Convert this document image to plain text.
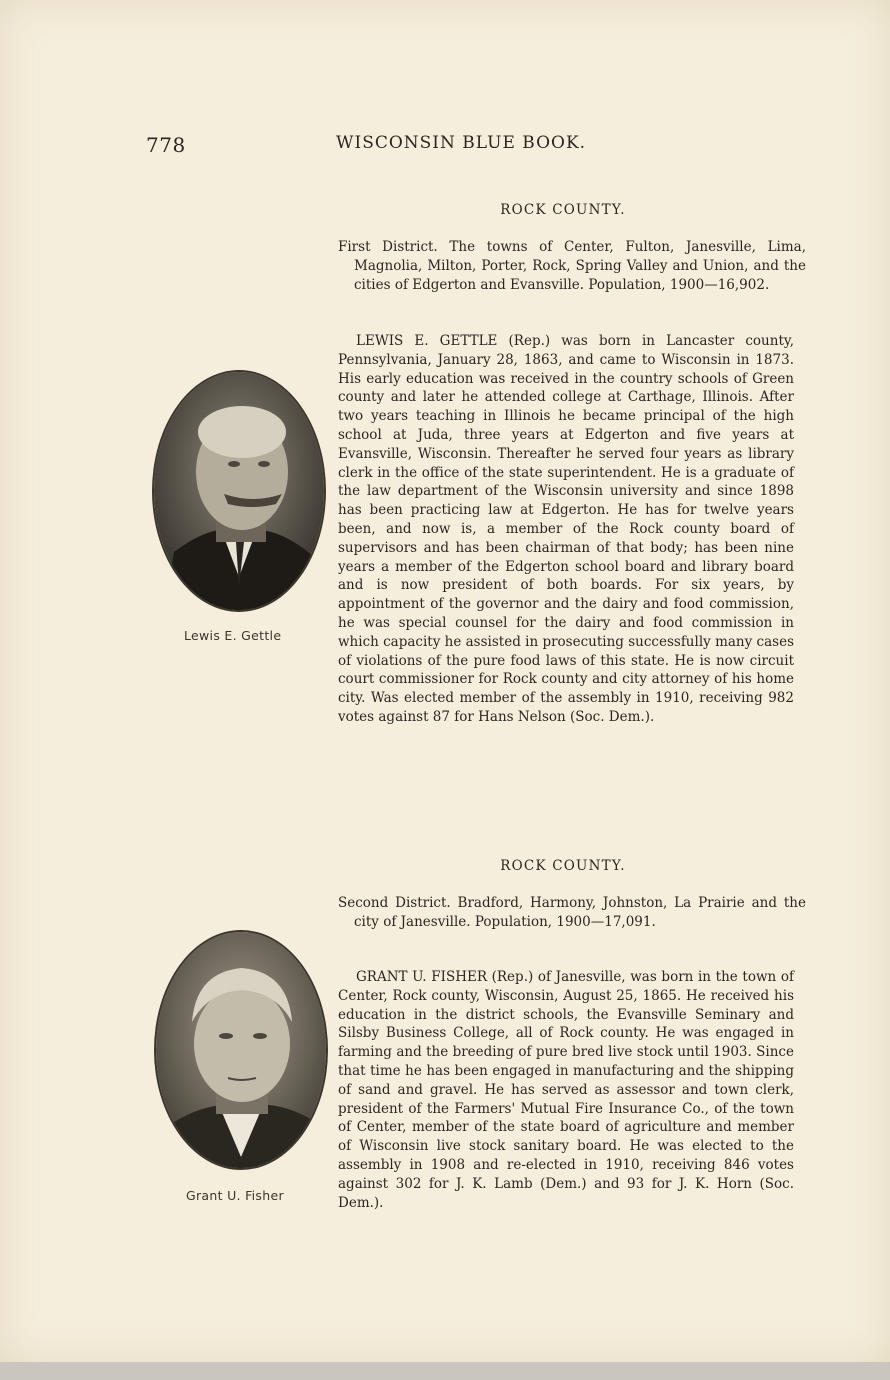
778	WISCONSIN BLUE BOOK.
ROCK COUNTY.
First District. The towns of Center, Fulton, Janesville, Lima, Magnolia, Milton, Porter, Rock, Spring Valley and Union, and the cities of Edgerton and Evansville. Population, 1900—16,902.
Lewis E. Gettle

LEWIS E. GETTLE (Rep.) was born in Lancaster county, Pennsylvania, January 28, 1863, and came to Wisconsin in 1873. His early education was received in the country schools of Green county and later he attended college at Carthage, Illinois. After two years teaching in Illinois he became principal of the high school at Juda, three years at Edgerton and five years at Evansville, Wisconsin. Thereafter he served four years as library clerk in the office of the state superintendent. He is a graduate of the law department of the Wisconsin university and since 1898 has been practicing law at Edgerton. He has for twelve years been, and now is, a member of the Rock county board of supervisors and has been chairman of that body; has been nine years a member of the Edgerton school board and library board and is now president of both boards. For six years, by appointment of the governor and the dairy and food commission, he was special counsel for the dairy and food commission in which capacity he assisted in prosecuting successfully many cases of violations of the pure food laws of this state. He is now circuit court commissioner for Rock county and city attorney of his home city. Was elected member of the assembly in 1910, receiving 982 votes against 87 for Hans Nelson (Soc. Dem.).

ROCK COUNTY.
Second District. Bradford, Harmony, Johnston, La Prairie and the city of Janesville. Population, 1900—17,091.
Grant U. Fisher

GRANT U. FISHER (Rep.) of Janesville, was born in the town of Center, Rock county, Wisconsin, August 25, 1865. He received his education in the district schools, the Evansville Seminary and Silsby Business College, all of Rock county. He was engaged in farming and the breeding of pure bred live stock until 1903. Since that time he has been engaged in manufacturing and the shipping of sand and gravel. He has served as assessor and town clerk, president of the Farmers' Mutual Fire Insurance Co., of the town of Center, member of the state board of agriculture and member of Wisconsin live stock sanitary board. He was elected to the assembly in 1908 and re-elected in 1910, receiving 846 votes against 302 for J. K. Lamb (Dem.) and 93 for J. K. Horn (Soc. Dem.).
